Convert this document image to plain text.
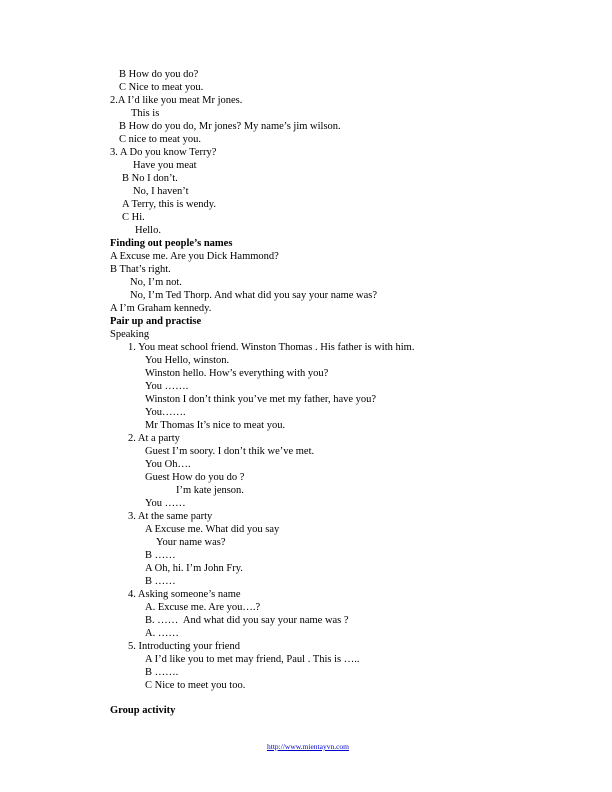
B How do you do?
C Nice to meat you.
2.A I’d like you meat Mr jones.
This is
B How do you do, Mr jones? My name’s jim wilson.
C nice to meat you.
3. A Do you know Terry?
Have you meat
B No I don’t.
No, I haven’t
A Terry, this is wendy.
C Hi.
Hello.
Finding out people’s names
A Excuse me. Are you Dick Hammond?
B That’s right.
No, I’m not.
No, I’m Ted Thorp. And what did you say your name was?
A I’m Graham kennedy.
Pair up and practise
Speaking
1. You meat school friend. Winston Thomas . His father is with him.
You Hello, winston.
Winston hello. How’s everything with you?
You …….
Winston I don’t think you’ve met my father, have you?
You…….
Mr Thomas It’s nice to meat you.
2. At a party
Guest I’m soory. I don’t thik we’ve met.
You Oh….
Guest How do you do ?
I’m kate jenson.
You ……
3. At the same party
A Excuse me. What did you say
Your name was?
B ……
A Oh, hi. I’m John Fry.
B ……
4. Asking someone’s name
A. Excuse me. Are you….?
B. ……  And what did you say your name was ?
A. ……
5. Introducting your friend
A I’d like you to met may friend, Paul . This is …..
B …….
C Nice to meet you too.
Group activity
http://www.mientayvn.com
